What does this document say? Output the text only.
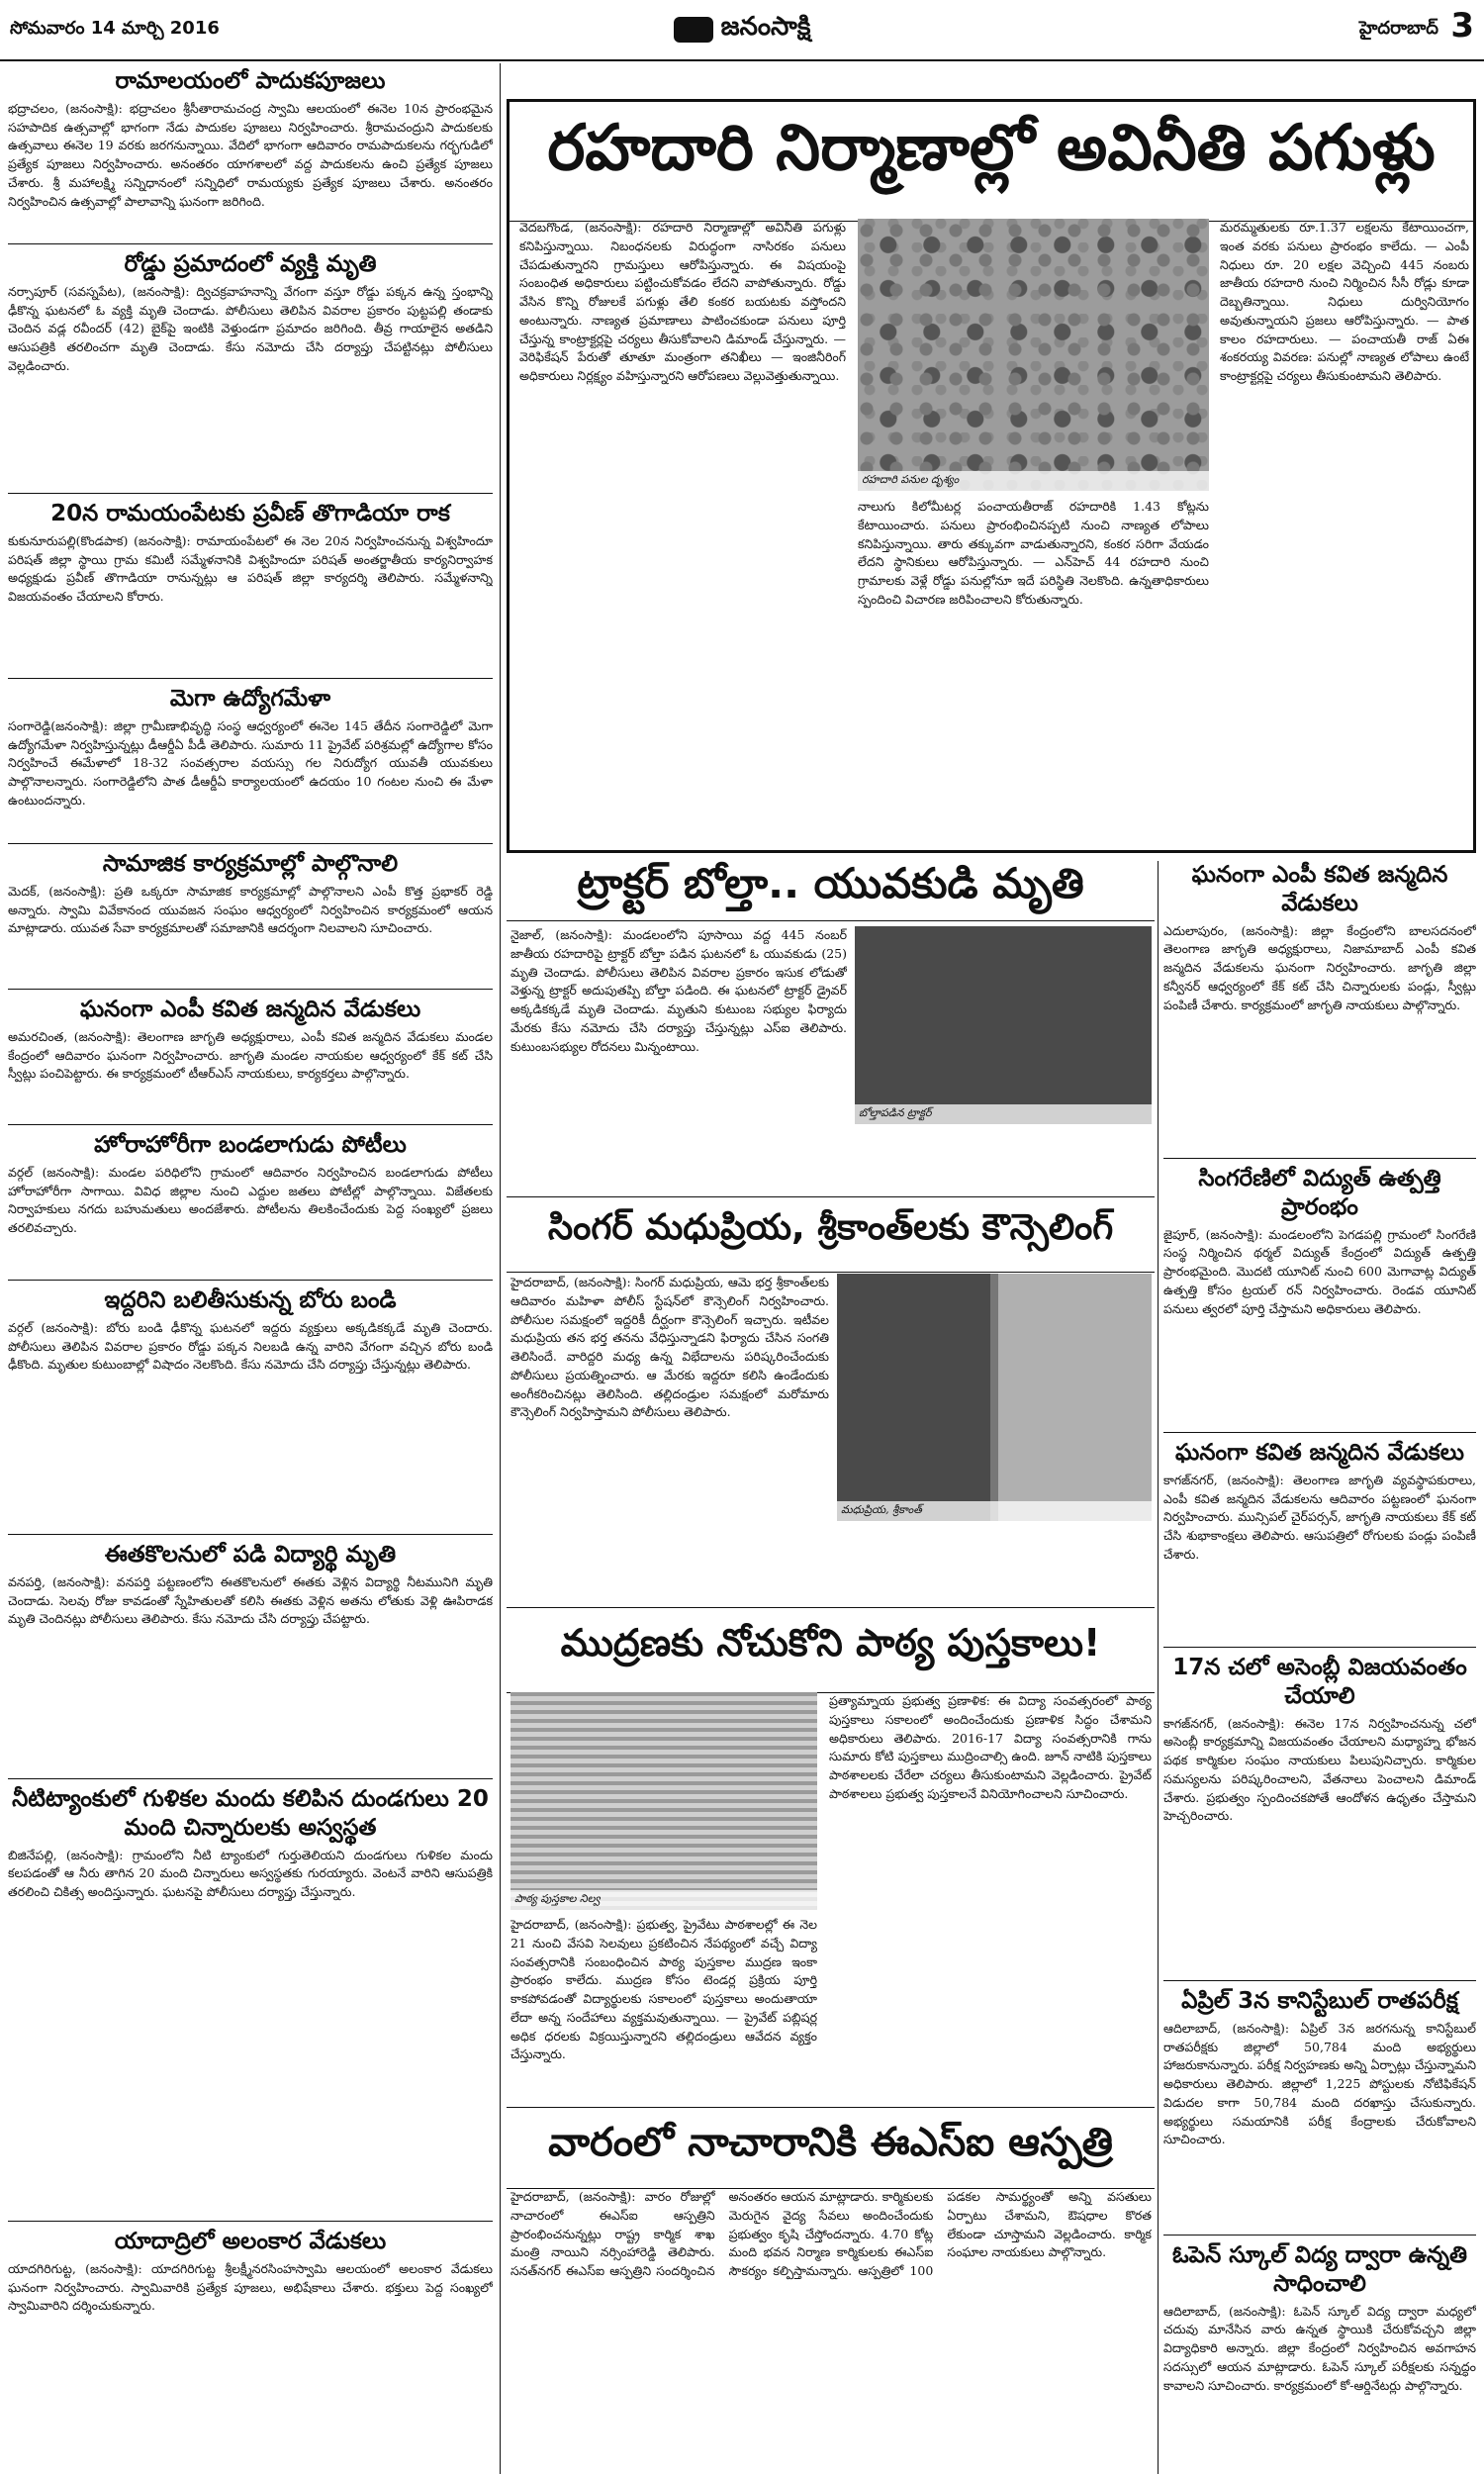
సోమవారం 14 మార్చి 2016	జనంసాక్షి	హైదరాబాద్ 3
రామాలయంలో పాదుకపూజలు

భద్రాచలం, (జనంసాక్షి): భద్రాచలం శ్రీసీతారామచంద్ర స్వామి ఆలయంలో ఈనెల 10న ప్రారంభమైన సహపాదిక ఉత్సవాల్లో భాగంగా నేడు పాదుకల పూజలు నిర్వహించారు. శ్రీరామచంద్రుని పాదుకలకు ఉత్సవాలు ఈనెల 19 వరకు జరగనున్నాయి. వేదిలో భాగంగా ఆదివారం రామపాదుకలను గర్భగుడిలో ప్రత్యేక పూజలు నిర్వహించారు. అనంతరం యాగశాలలో వద్ద పాదుకలను ఉంచి ప్రత్యేక పూజలు చేశారు. శ్రీ మహాలక్ష్మి సన్నిధానంలో సన్నిధిలో రామయ్యకు ప్రత్యేక పూజలు చేశారు. అనంతరం నిర్వహించిన ఉత్సవాల్లో పాలావాన్ని ఘనంగా జరిగింది.

రోడ్డు ప్రమాదంలో వ్యక్తి మృతి

నర్సాపూర్ (సవస్నపేట), (జనంసాక్షి): ద్విచక్రవాహనాన్ని వేగంగా వస్తూ రోడ్డు పక్కన ఉన్న స్తంభాన్ని ఢీకొన్న ఘటనలో ఓ వ్యక్తి మృతి చెందాడు. పోలీసులు తెలిపిన వివరాల ప్రకారం పుట్టపల్లి తండాకు చెందిన వడ్ల రవీందర్ (42) బైక్‌పై ఇంటికి వెళ్తుండగా ప్రమాదం జరిగింది. తీవ్ర గాయాలైన అతడిని ఆసుపత్రికి తరలించగా మృతి చెందాడు. కేసు నమోదు చేసి దర్యాప్తు చేపట్టినట్లు పోలీసులు వెల్లడించారు.

20న రామయంపేటకు ప్రవీణ్ తొగాడియా రాక

కుకునూరుపల్లి(కొండపాక) (జనంసాక్షి): రామాయంపేటలో ఈ నెల 20న నిర్వహించనున్న విశ్వహిందూ పరిషత్ జిల్లా స్థాయి గ్రామ కమిటీ సమ్మేళనానికి విశ్వహిందూ పరిషత్ అంతర్జాతీయ కార్యనిర్వాహక అధ్యక్షుడు ప్రవీణ్ తొగాడియా రానున్నట్లు ఆ పరిషత్ జిల్లా కార్యదర్శి తెలిపారు. సమ్మేళనాన్ని విజయవంతం చేయాలని కోరారు.

మెగా ఉద్యోగమేళా

సంగారెడ్డి(జనంసాక్షి): జిల్లా గ్రామీణాభివృద్ధి సంస్థ ఆధ్వర్యంలో ఈనెల 145 తేదీన సంగారెడ్డిలో మెగా ఉద్యోగమేళా నిర్వహిస్తున్నట్లు డీఆర్డీఏ పీడీ తెలిపారు. సుమారు 11 ప్రైవేట్ పరిశ్రమల్లో ఉద్యోగాల కోసం నిర్వహించే ఈమేళాలో 18-32 సంవత్సరాల వయస్సు గల నిరుద్యోగ యువతీ యువకులు పాల్గొనాలన్నారు. సంగారెడ్డిలోని పాత డీఆర్డీఏ కార్యాలయంలో ఉదయం 10 గంటల నుంచి ఈ మేళా ఉంటుందన్నారు.

సామాజిక కార్యక్రమాల్లో పాల్గొనాలి

మెదక్, (జనంసాక్షి): ప్రతి ఒక్కరూ సామాజిక కార్యక్రమాల్లో పాల్గొనాలని ఎంపీ కొత్త ప్రభాకర్ రెడ్డి అన్నారు. స్వామి వివేకానంద యువజన సంఘం ఆధ్వర్యంలో నిర్వహించిన కార్యక్రమంలో ఆయన మాట్లాడారు. యువత సేవా కార్యక్రమాలతో సమాజానికి ఆదర్శంగా నిలవాలని సూచించారు.

ఘనంగా ఎంపీ కవిత జన్మదిన వేడుకలు

అమరచింత, (జనంసాక్షి): తెలంగాణ జాగృతి అధ్యక్షురాలు, ఎంపీ కవిత జన్మదిన వేడుకలు మండల కేంద్రంలో ఆదివారం ఘనంగా నిర్వహించారు. జాగృతి మండల నాయకుల ఆధ్వర్యంలో కేక్ కట్ చేసి స్వీట్లు పంచిపెట్టారు. ఈ కార్యక్రమంలో టీఆర్ఎస్ నాయకులు, కార్యకర్తలు పాల్గొన్నారు.

హోరాహోరీగా బండలాగుడు పోటీలు

వర్గల్ (జనంసాక్షి): మండల పరిధిలోని గ్రామంలో ఆదివారం నిర్వహించిన బండలాగుడు పోటీలు హోరాహోరీగా సాగాయి. వివిధ జిల్లాల నుంచి ఎద్దుల జతలు పోటీల్లో పాల్గొన్నాయి. విజేతలకు నిర్వాహకులు నగదు బహుమతులు అందజేశారు. పోటీలను తిలకించేందుకు పెద్ద సంఖ్యలో ప్రజలు తరలివచ్చారు.

ఇద్దరిని బలితీసుకున్న బోరు బండి

వర్గల్ (జనంసాక్షి): బోరు బండి ఢీకొన్న ఘటనలో ఇద్దరు వ్యక్తులు అక్కడికక్కడే మృతి చెందారు. పోలీసులు తెలిపిన వివరాల ప్రకారం రోడ్డు పక్కన నిలబడి ఉన్న వారిని వేగంగా వచ్చిన బోరు బండి ఢీకొంది. మృతుల కుటుంబాల్లో విషాదం నెలకొంది. కేసు నమోదు చేసి దర్యాప్తు చేస్తున్నట్లు తెలిపారు.

ఈతకొలనులో పడి విద్యార్థి మృతి

వనపర్తి, (జనంసాక్షి): వనపర్తి పట్టణంలోని ఈతకొలనులో ఈతకు వెళ్లిన విద్యార్థి నీటమునిగి మృతి చెందాడు. సెలవు రోజు కావడంతో స్నేహితులతో కలిసి ఈతకు వెళ్లిన అతను లోతుకు వెళ్లి ఊపిరాడక మృతి చెందినట్లు పోలీసులు తెలిపారు. కేసు నమోదు చేసి దర్యాప్తు చేపట్టారు.

నీటిట్యాంకులో గుళికల మందు కలిపిన దుండగులు 20 మంది చిన్నారులకు అస్వస్థత

బిజినేపల్లి, (జనంసాక్షి): గ్రామంలోని నీటి ట్యాంకులో గుర్తుతెలియని దుండగులు గుళికల మందు కలపడంతో ఆ నీరు తాగిన 20 మంది చిన్నారులు అస్వస్థతకు గురయ్యారు. వెంటనే వారిని ఆసుపత్రికి తరలించి చికిత్స అందిస్తున్నారు. ఘటనపై పోలీసులు దర్యాప్తు చేస్తున్నారు.

యాదాద్రిలో అలంకార వేడుకలు

యాదగిరిగుట్ట, (జనంసాక్షి): యాదగిరిగుట్ట శ్రీలక్ష్మీనరసింహస్వామి ఆలయంలో అలంకార వేడుకలు ఘనంగా నిర్వహించారు. స్వామివారికి ప్రత్యేక పూజలు, అభిషేకాలు చేశారు. భక్తులు పెద్ద సంఖ్యలో స్వామివారిని దర్శించుకున్నారు.

రహదారి నిర్మాణాల్లో అవినీతి పగుళ్లు
వెదబగొండ, (జనంసాక్షి): రహదారి నిర్మాణాల్లో అవినీతి పగుళ్లు కనిపిస్తున్నాయి. నిబంధనలకు విరుద్ధంగా నాసిరకం పనులు చేపడుతున్నారని గ్రామస్తులు ఆరోపిస్తున్నారు. ఈ విషయంపై సంబంధిత అధికారులు పట్టించుకోవడం లేదని వాపోతున్నారు. రోడ్డు వేసిన కొన్ని రోజులకే పగుళ్లు తేలి కంకర బయటకు వస్తోందని అంటున్నారు. నాణ్యత ప్రమాణాలు పాటించకుండా పనులు పూర్తి చేస్తున్న కాంట్రాక్టర్లపై చర్యలు తీసుకోవాలని డిమాండ్ చేస్తున్నారు. — వెరిఫికేషన్ పేరుతో తూతూ మంత్రంగా తనిఖీలు — ఇంజినీరింగ్ అధికారులు నిర్లక్ష్యం వహిస్తున్నారని ఆరోపణలు వెల్లువెత్తుతున్నాయి.
రహదారి పనుల దృశ్యం
నాలుగు కిలోమీటర్ల పంచాయతీరాజ్ రహదారికి 1.43 కోట్లను కేటాయించారు. పనులు ప్రారంభించినప్పటి నుంచి నాణ్యత లోపాలు కనిపిస్తున్నాయి. తారు తక్కువగా వాడుతున్నారని, కంకర సరిగా వేయడం లేదని స్థానికులు ఆరోపిస్తున్నారు. — ఎన్‌హెచ్ 44 రహదారి నుంచి గ్రామాలకు వెళ్లే రోడ్డు పనుల్లోనూ ఇదే పరిస్థితి నెలకొంది. ఉన్నతాధికారులు స్పందించి విచారణ జరిపించాలని కోరుతున్నారు.
మరమ్మతులకు రూ.1.37 లక్షలను కేటాయించగా, ఇంత వరకు పనులు ప్రారంభం కాలేదు. — ఎంపీ నిధులు రూ. 20 లక్షల వెచ్చించి 445 నంబరు జాతీయ రహదారి నుంచి నిర్మించిన సీసీ రోడ్లు కూడా దెబ్బతిన్నాయి. నిధులు దుర్వినియోగం అవుతున్నాయని ప్రజలు ఆరోపిస్తున్నారు. — పాత కాలం రహదారులు. — పంచాయతీ రాజ్ ఏఈ శంకరయ్య వివరణ: పనుల్లో నాణ్యత లోపాలు ఉంటే కాంట్రాక్టర్లపై చర్యలు తీసుకుంటామని తెలిపారు.
ట్రాక్టర్ బోల్తా.. యువకుడి మృతి
నైజాల్, (జనంసాక్షి): మండలంలోని పూసాయి వద్ద 445 నంబర్ జాతీయ రహదారిపై ట్రాక్టర్ బోల్తా పడిన ఘటనలో ఓ యువకుడు (25) మృతి చెందాడు. పోలీసులు తెలిపిన వివరాల ప్రకారం ఇసుక లోడుతో వెళ్తున్న ట్రాక్టర్ అదుపుతప్పి బోల్తా పడింది. ఈ ఘటనలో ట్రాక్టర్ డ్రైవర్ అక్కడికక్కడే మృతి చెందాడు. మృతుని కుటుంబ సభ్యుల ఫిర్యాదు మేరకు కేసు నమోదు చేసి దర్యాప్తు చేస్తున్నట్లు ఎస్ఐ తెలిపారు. కుటుంబసభ్యుల రోదనలు మిన్నంటాయి.
బోల్తాపడిన ట్రాక్టర్
సింగర్ మధుప్రియ, శ్రీకాంత్‌లకు కౌన్సెలింగ్
హైదరాబాద్, (జనంసాక్షి): సింగర్ మధుప్రియ, ఆమె భర్త శ్రీకాంత్‌లకు ఆదివారం మహిళా పోలీస్ స్టేషన్‌లో కౌన్సెలింగ్ నిర్వహించారు. పోలీసుల సమక్షంలో ఇద్దరికీ దీర్ఘంగా కౌన్సెలింగ్ ఇచ్చారు. ఇటీవల మధుప్రియ తన భర్త తనను వేధిస్తున్నాడని ఫిర్యాదు చేసిన సంగతి తెలిసిందే. వారిద్దరి మధ్య ఉన్న విభేదాలను పరిష్కరించేందుకు పోలీసులు ప్రయత్నించారు. ఆ మేరకు ఇద్దరూ కలిసి ఉండేందుకు అంగీకరించినట్లు తెలిసింది. తల్లిదండ్రుల సమక్షంలో మరోమారు కౌన్సెలింగ్ నిర్వహిస్తామని పోలీసులు తెలిపారు.
మధుప్రియ, శ్రీకాంత్
ముద్రణకు నోచుకోని పాఠ్య పుస్తకాలు!
పాఠ్య పుస్తకాల నిల్వ
హైదరాబాద్, (జనంసాక్షి): ప్రభుత్వ, ప్రైవేటు పాఠశాలల్లో ఈ నెల 21 నుంచి వేసవి సెలవులు ప్రకటించిన నేపథ్యంలో వచ్చే విద్యా సంవత్సరానికి సంబంధించిన పాఠ్య పుస్తకాల ముద్రణ ఇంకా ప్రారంభం కాలేదు. ముద్రణ కోసం టెండర్ల ప్రక్రియ పూర్తి కాకపోవడంతో విద్యార్థులకు సకాలంలో పుస్తకాలు అందుతాయా లేదా అన్న సందేహాలు వ్యక్తమవుతున్నాయి. — ప్రైవేట్ పబ్లిషర్ల అధిక ధరలకు విక్రయిస్తున్నారని తల్లిదండ్రులు ఆవేదన వ్యక్తం చేస్తున్నారు.
ప్రత్యామ్నాయ ప్రభుత్వ ప్రణాళిక: ఈ విద్యా సంవత్సరంలో పాఠ్య పుస్తకాలు సకాలంలో అందించేందుకు ప్రణాళిక సిద్ధం చేశామని అధికారులు తెలిపారు. 2016-17 విద్యా సంవత్సరానికి గాను సుమారు కోటి పుస్తకాలు ముద్రించాల్సి ఉంది. జూన్ నాటికి పుస్తకాలు పాఠశాలలకు చేరేలా చర్యలు తీసుకుంటామని వెల్లడించారు. ప్రైవేట్ పాఠశాలలు ప్రభుత్వ పుస్తకాలనే వినియోగించాలని సూచించారు.
వారంలో నాచారానికి ఈఎస్ఐ ఆస్పత్రి
హైదరాబాద్, (జనంసాక్షి): వారం రోజుల్లో నాచారంలో ఈఎస్ఐ ఆస్పత్రిని ప్రారంభించనున్నట్లు రాష్ట్ర కార్మిక శాఖ మంత్రి నాయిని నర్సింహారెడ్డి తెలిపారు. సనత్‌నగర్ ఈఎస్ఐ ఆస్పత్రిని సందర్శించిన అనంతరం ఆయన మాట్లాడారు. కార్మికులకు మెరుగైన వైద్య సేవలు అందించేందుకు ప్రభుత్వం కృషి చేస్తోందన్నారు. 4.70 కోట్ల మంది భవన నిర్మాణ కార్మికులకు ఈఎస్ఐ సౌకర్యం కల్పిస్తామన్నారు. ఆస్పత్రిలో 100 పడకల సామర్థ్యంతో అన్ని వసతులు ఏర్పాటు చేశామని, ఔషధాల కొరత లేకుండా చూస్తామని వెల్లడించారు. కార్మిక సంఘాల నాయకులు పాల్గొన్నారు.
ఘనంగా ఎంపీ కవిత జన్మదిన వేడుకలు

ఎదులాపురం, (జనంసాక్షి): జిల్లా కేంద్రంలోని బాలసదనంలో తెలంగాణ జాగృతి అధ్యక్షురాలు, నిజామాబాద్ ఎంపీ కవిత జన్మదిన వేడుకలను ఘనంగా నిర్వహించారు. జాగృతి జిల్లా కన్వీనర్ ఆధ్వర్యంలో కేక్ కట్ చేసి చిన్నారులకు పండ్లు, స్వీట్లు పంపిణీ చేశారు. కార్యక్రమంలో జాగృతి నాయకులు పాల్గొన్నారు.

సింగరేణిలో విద్యుత్ ఉత్పత్తి ప్రారంభం

జైపూర్, (జనంసాక్షి): మండలంలోని పెగడపల్లి గ్రామంలో సింగరేణి సంస్థ నిర్మించిన థర్మల్ విద్యుత్ కేంద్రంలో విద్యుత్ ఉత్పత్తి ప్రారంభమైంది. మొదటి యూనిట్ నుంచి 600 మెగావాట్ల విద్యుత్ ఉత్పత్తి కోసం ట్రయల్ రన్ నిర్వహించారు. రెండవ యూనిట్ పనులు త్వరలో పూర్తి చేస్తామని అధికారులు తెలిపారు.

ఘనంగా కవిత జన్మదిన వేడుకలు

కాగజ్‌నగర్, (జనంసాక్షి): తెలంగాణ జాగృతి వ్యవస్థాపకురాలు, ఎంపీ కవిత జన్మదిన వేడుకలను ఆదివారం పట్టణంలో ఘనంగా నిర్వహించారు. మున్సిపల్ చైర్‌పర్సన్, జాగృతి నాయకులు కేక్ కట్ చేసి శుభాకాంక్షలు తెలిపారు. ఆసుపత్రిలో రోగులకు పండ్లు పంపిణీ చేశారు.

17న చలో అసెంబ్లీ విజయవంతం చేయాలి

కాగజ్‌నగర్, (జనంసాక్షి): ఈనెల 17న నిర్వహించనున్న చలో అసెంబ్లీ కార్యక్రమాన్ని విజయవంతం చేయాలని మధ్యాహ్న భోజన పథక కార్మికుల సంఘం నాయకులు పిలుపునిచ్చారు. కార్మికుల సమస్యలను పరిష్కరించాలని, వేతనాలు పెంచాలని డిమాండ్ చేశారు. ప్రభుత్వం స్పందించకపోతే ఆందోళన ఉధృతం చేస్తామని హెచ్చరించారు.

ఏప్రిల్ 3న కానిస్టేబుల్ రాతపరీక్ష

ఆదిలాబాద్, (జనంసాక్షి): ఏప్రిల్ 3న జరగనున్న కానిస్టేబుల్ రాతపరీక్షకు జిల్లాలో 50,784 మంది అభ్యర్థులు హాజరుకానున్నారు. పరీక్ష నిర్వహణకు అన్ని ఏర్పాట్లు చేస్తున్నామని అధికారులు తెలిపారు. జిల్లాలో 1,225 పోస్టులకు నోటిఫికేషన్ విడుదల కాగా 50,784 మంది దరఖాస్తు చేసుకున్నారు. అభ్యర్థులు సమయానికి పరీక్ష కేంద్రాలకు చేరుకోవాలని సూచించారు.

ఓపెన్ స్కూల్ విద్య ద్వారా ఉన్నతి సాధించాలి

ఆదిలాబాద్, (జనంసాక్షి): ఓపెన్ స్కూల్ విద్య ద్వారా మధ్యలో చదువు మానేసిన వారు ఉన్నత స్థాయికి చేరుకోవచ్చని జిల్లా విద్యాధికారి అన్నారు. జిల్లా కేంద్రంలో నిర్వహించిన అవగాహన సదస్సులో ఆయన మాట్లాడారు. ఓపెన్ స్కూల్ పరీక్షలకు సన్నద్ధం కావాలని సూచించారు. కార్యక్రమంలో కో-ఆర్డినేటర్లు పాల్గొన్నారు.
